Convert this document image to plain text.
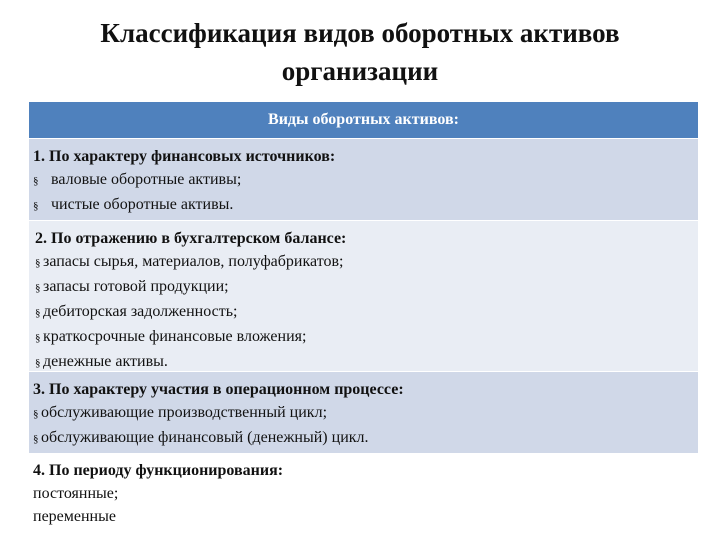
Классификация видов оборотных активов
организации
Виды оборотных активов:
1. По характеру финансовых источников:
§ валовые оборотные активы;
§ чистые оборотные активы.
2. По отражению в бухгалтерском балансе:
§ запасы сырья, материалов, полуфабрикатов;
§ запасы готовой продукции;
§ дебиторская задолженность;
§ краткосрочные финансовые вложения;
§ денежные активы.
3. По характеру участия в операционном процессе:
§ обслуживающие производственный цикл;
§ обслуживающие финансовый (денежный) цикл.
4. По периоду функционирования:
постоянные;
переменные
